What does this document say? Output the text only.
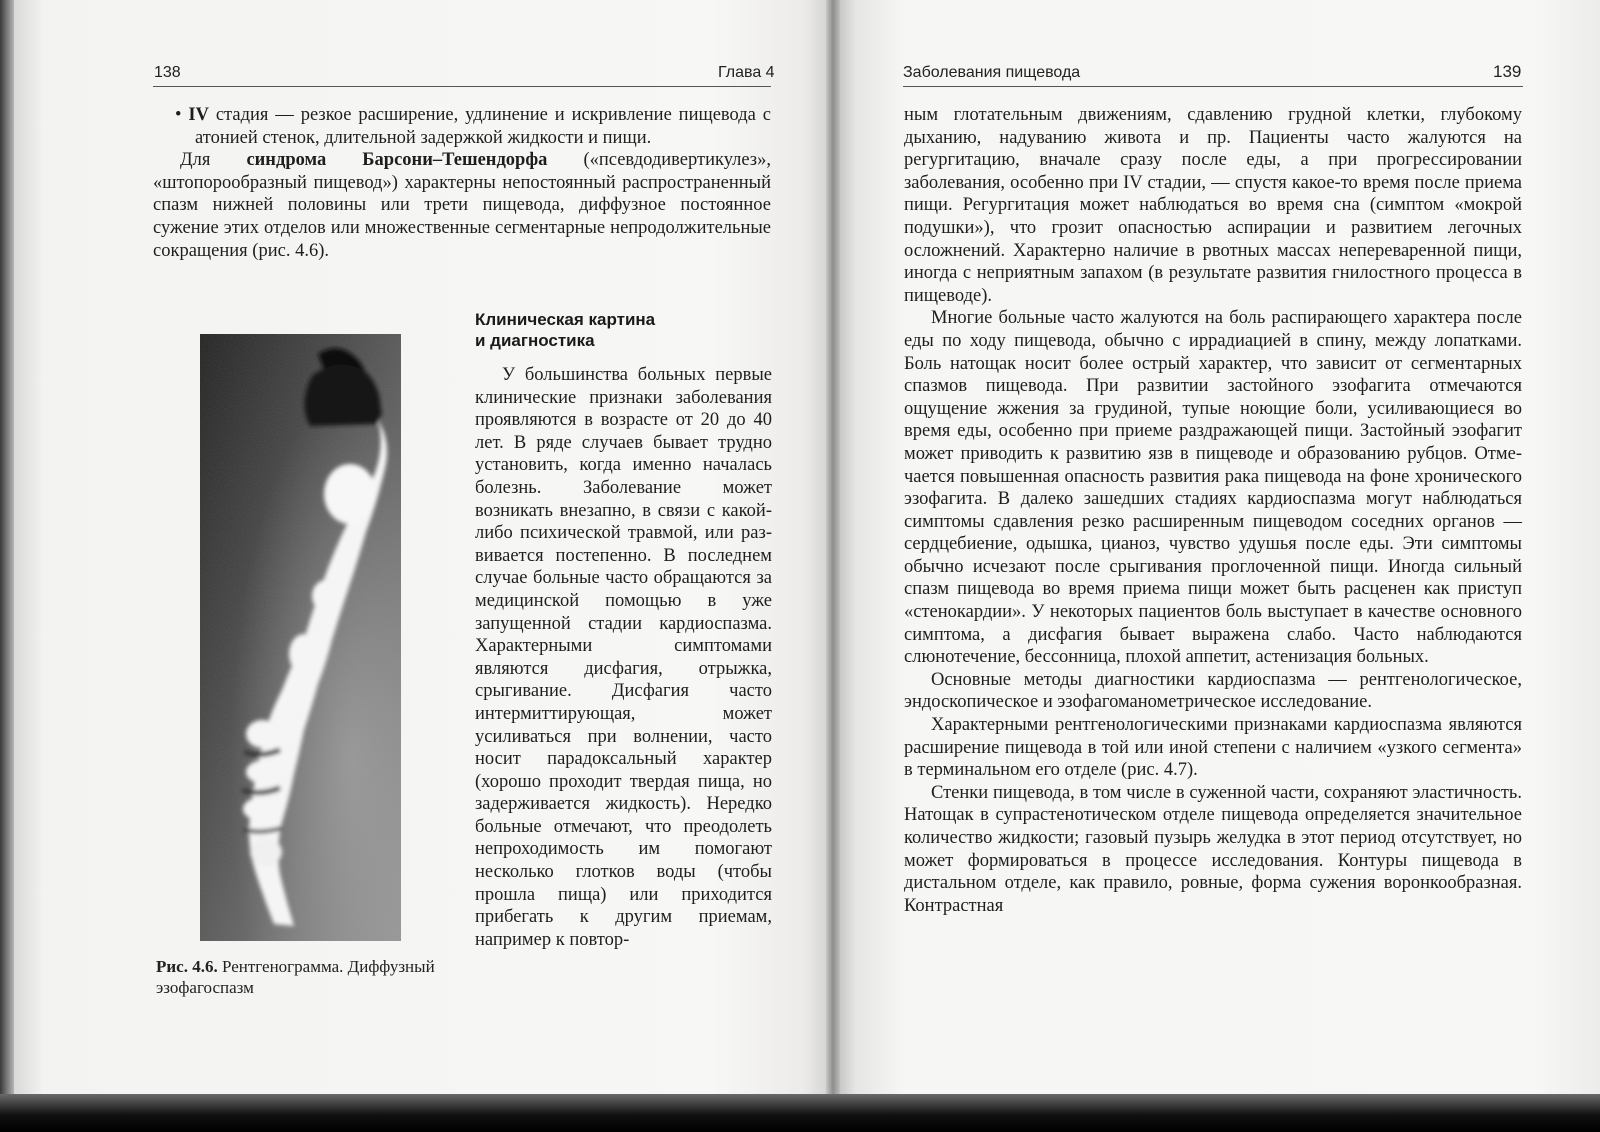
138	Глава 4

• IV стадия — резкое расширение, удлинение и искривление пищевода с атонией стенок, длительной задержкой жидкости и пищи.

Для синдрома Барсони–Тешендорфа («псевдодивертикулез», «штопорообразный пищевод») характерны непостоянный распространенный спазм нижней половины или трети пищевода, диффузное постоянное сужение этих отделов или множественные сегментарные непродолжительные сокращения (рис. 4.6).

Клиническая картина
и диагностика

У большинства больных первые клинические признаки заболевания проявляются в возрасте от 20 до 40 лет. В ряде случаев бывает трудно установить, когда именно началась болезнь. Заболевание может возникать внезапно, в связи с какой-либо психической травмой, или развивается постепенно. В последнем случае больные часто обращаются за медицинской помощью в уже запущенной стадии кардиоспазма. Характерными симптомами являются дисфагия, отрыжка, срыгивание. Дисфагия часто интермиттирующая, может усиливаться при волнении, часто носит парадоксальный характер (хорошо проходит твердая пища, но задерживается жидкость). Нередко больные отмечают, что преодолеть непроходимость им помогают несколько глотков воды (чтобы прошла пища) или приходится прибегать к другим приемам, например к повтор-

Рис. 4.6. Рентгенограмма. Диффузный эзофагоспазм
Заболевания пищевода	139

ным глотательным движениям, сдавлению грудной клетки, глубокому дыханию, надуванию живота и пр. Пациенты часто жалуются на регургитацию, вначале сразу после еды, а при прогрессировании заболевания, особенно при IV стадии, — спустя какое-то время после приема пищи. Регургитация может наблюдаться во время сна (симптом «мокрой подушки»), что грозит опасностью аспирации и развитием легочных осложнений. Характерно наличие в рвотных массах непереваренной пищи, иногда с неприятным запахом (в результате развития гнилостного процесса в пищеводе).

Многие больные часто жалуются на боль распирающего характера после еды по ходу пищевода, обычно с иррадиацией в спину, между лопатками. Боль натощак носит более острый характер, что зависит от сегментарных спазмов пищевода. При развитии застойного эзофагита отмечаются ощущение жжения за грудиной, тупые ноющие боли, усиливающиеся во время еды, особенно при приеме раздражающей пищи. Застойный эзофагит может приводить к развитию язв в пищеводе и образованию рубцов. Отмечается повышенная опасность развития рака пищевода на фоне хронического эзофагита. В далеко зашедших стадиях кардиоспазма могут наблюдаться симптомы сдавления резко расширенным пищеводом соседних органов — сердцебиение, одышка, цианоз, чувство удушья после еды. Эти симптомы обычно исчезают после срыгивания проглоченной пищи. Иногда сильный спазм пищевода во время приема пищи может быть расценен как приступ «стенокардии». У некоторых пациентов боль выступает в качестве основного симптома, а дисфагия бывает выражена слабо. Часто наблюдаются слюнотечение, бессонница, плохой аппетит, астенизация больных.

Основные методы диагностики кардиоспазма — рентгенологическое, эндоскопическое и эзофагоманометрическое исследование.

Характерными рентгенологическими признаками кардиоспазма являются расширение пищевода в той или иной степени с наличием «узкого сегмента» в терминальном его отделе (рис. 4.7).

Стенки пищевода, в том числе в суженной части, сохраняют эластичность. Натощак в супрастенотическом отделе пищевода определяется значительное количество жидкости; газовый пузырь желудка в этот период отсутствует, но может формироваться в процессе исследования. Контуры пищевода в дистальном отделе, как правило, ровные, форма сужения воронкообразная. Контрастная
